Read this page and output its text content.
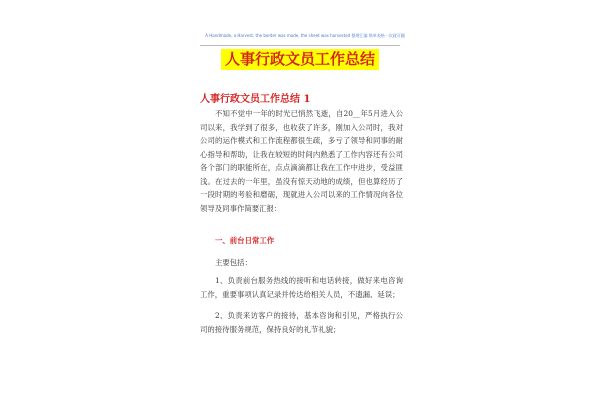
A Handmade, a Harvest, the border was made, the sheet was harvested 整理汇编 简单表格一次就可翻
人事行政文员工作总结
人事行政文员工作总结 1

不知不觉中一年的时光已悄然飞逝，自20__年5月进入公司以来，我学到了很多，也收获了许多，刚加入公司时，我对公司的运作模式和工作流程都很生疏，多亏了领导和同事的耐心指导和帮助，让我在较短的时间内熟悉了工作内容还有公司各个部门的职能所在，点点滴滴都让我在工作中进步，受益匪浅。在过去的一年里，虽没有惊天动地的成绩，但也算经历了一段时期的考验和磨砺，现就进入公司以来的工作情况向各位领导及同事作简要汇报：

一、前台日常工作

主要包括：

1、负责前台服务热线的接听和电话转接，做好来电咨询工作，重要事项认真记录并传达给相关人员，不遗漏、延误；

2、负责来访客户的接待，基本咨询和引见，严格执行公司的接待服务规范，保持良好的礼节礼貌；
